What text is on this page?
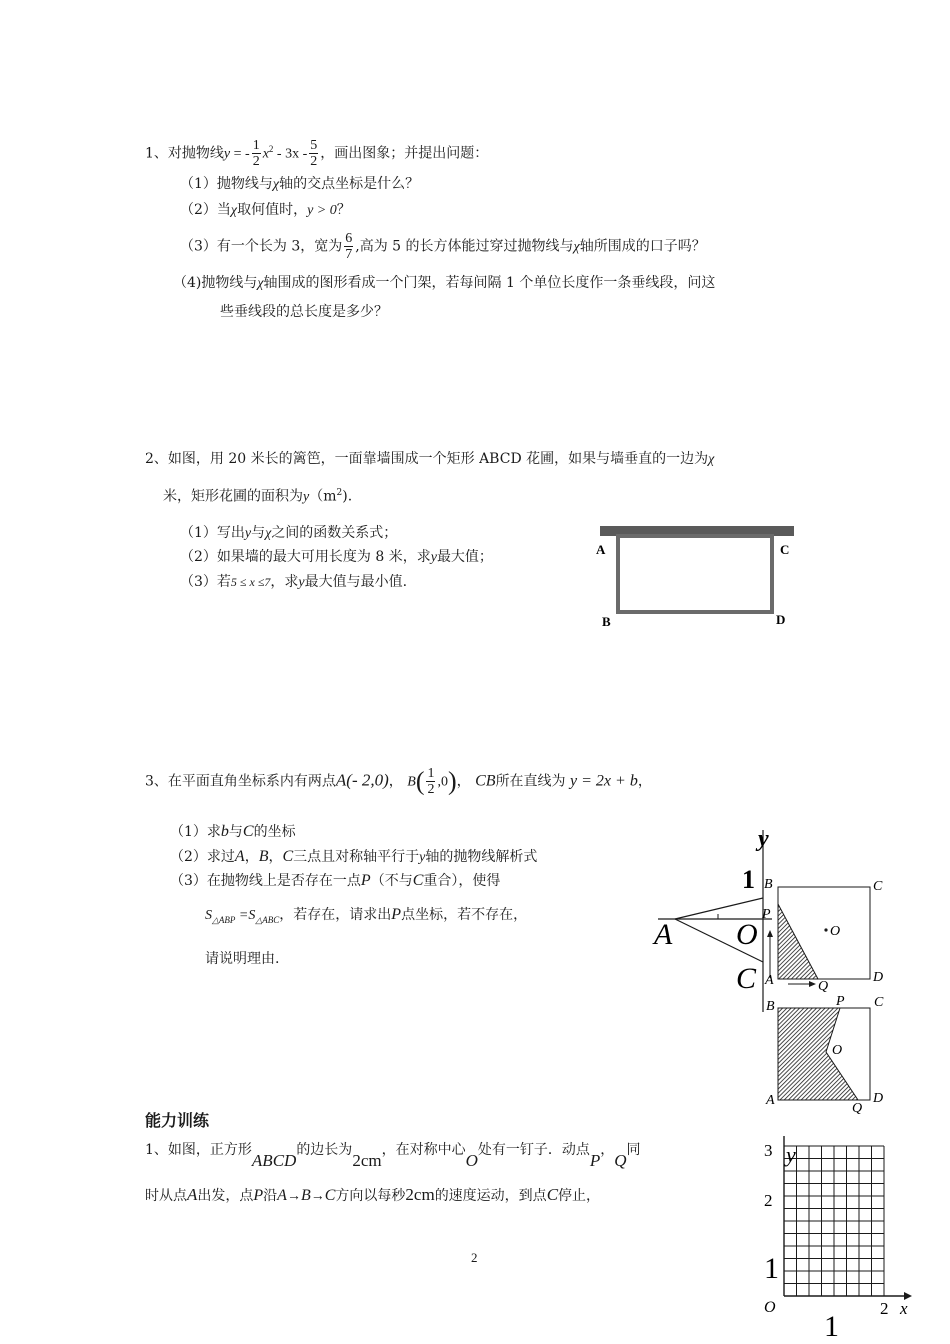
1、对抛物线y = - $\frac{1}{2} x^2 - 3x - \frac{5}{2}$ ，画出图象；并提出问题：
（1）抛物线与χ轴的交点坐标是什么？
（2）当χ取何值时，y > 0？
（3）有一个长为 3，宽为 $\frac{6}{7}$ ,高为 5 的长方体能过穿过抛物线与χ轴所围成的口子吗？
（4)抛物线与χ轴围成的图形看成一个门架，若每间隔 1 个单位长度作一条垂线段，问这
些垂线段的总长度是多少？
2、如图，用 20 米长的篱笆，一面靠墙围成一个矩形 ABCD 花圃，如果与墙垂直的一边为χ
米，矩形花圃的面积为$y(m^2)$.
（1）写出y与χ之间的函数关系式；
（2）如果墙的最大可用长度为 8 米，求y最大值；
（3）若5 ≤ x ≤7，求y最大值与最小值.
A
B
C
D
3、在平面直角坐标系内有两点A(- 2,0)， $B( \frac{1}{2} ,0)$， CB所在直线为 y = 2x + b，
（1）求b与C的坐标
（2）求过A，B，C三点且对称轴平行于y轴的抛物线解析式
（3）在抛物线上是否存在一点P（不与C重合），使得
$S_{\triangle ABP} =S_{\triangle ABC}$，若存在，请求出P点坐标，若不存在，
请说明理由.
y
1
A O
C
B	C
P
O
A	D
Q
B	P C
O
A
Q
D
能力训练
1、如图，正方形ABCD的边长为2cm，在对称中心O处有一钉子．动点P，Q同
时从点A出发，点P沿A→B→C方向以每秒2cm的速度运动，到点C停止，
y
3
2
1
O
1
2 x
2
